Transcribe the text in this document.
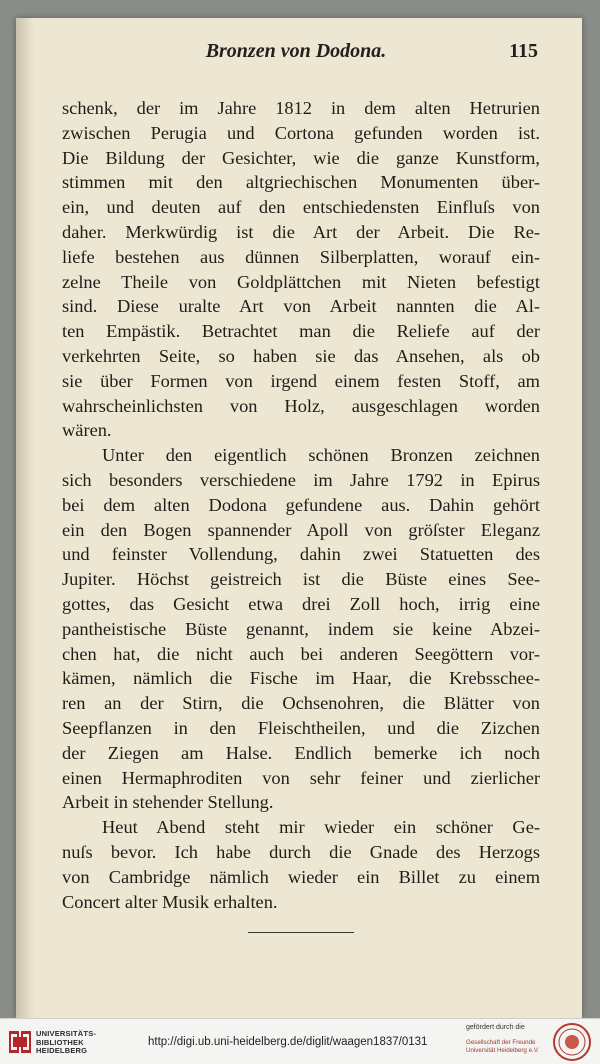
Bronzen von Dodona.	115

schenk, der im Jahre 1812 in dem alten Hetrurien
zwischen Perugia und Cortona gefunden worden ist.
Die Bildung der Gesichter, wie die ganze Kunstform,
stimmen mit den altgriechischen Monumenten über-
ein, und deuten auf den entschiedensten Einfluſs von
daher. Merkwürdig ist die Art der Arbeit. Die Re-
liefe bestehen aus dünnen Silberplatten, worauf ein-
zelne Theile von Goldplättchen mit Nieten befestigt
sind. Diese uralte Art von Arbeit nannten die Al-
ten Empästik. Betrachtet man die Reliefe auf der
verkehrten Seite, so haben sie das Ansehen, als ob
sie über Formen von irgend einem festen Stoff, am
wahrscheinlichsten von Holz, ausgeschlagen worden
wären.

Unter den eigentlich schönen Bronzen zeichnen
sich besonders verschiedene im Jahre 1792 in Epirus
bei dem alten Dodona gefundene aus. Dahin gehört
ein den Bogen spannender Apoll von gröſster Eleganz
und feinster Vollendung, dahin zwei Statuetten des
Jupiter. Höchst geistreich ist die Büste eines See-
gottes, das Gesicht etwa drei Zoll hoch, irrig eine
pantheistische Büste genannt, indem sie keine Abzei-
chen hat, die nicht auch bei anderen Seegöttern vor-
kämen, nämlich die Fische im Haar, die Krebsschee-
ren an der Stirn, die Ochsenohren, die Blätter von
Seepflanzen in den Fleischtheilen, und die Zizchen
der Ziegen am Halse. Endlich bemerke ich noch
einen Hermaphroditen von sehr feiner und zierlicher
Arbeit in stehender Stellung.

Heut Abend steht mir wieder ein schöner Ge-
nuſs bevor. Ich habe durch die Gnade des Herzogs
von Cambridge nämlich wieder ein Billet zu einem
Concert alter Musik erhalten.

UNIVERSITÄTS-
BIBLIOTHEK
HEIDELBERG
http://digi.ub.uni-heidelberg.de/diglit/waagen1837/0131
gefördert durch die
Gesellschaft der Freunde
Universität Heidelberg e.V.
